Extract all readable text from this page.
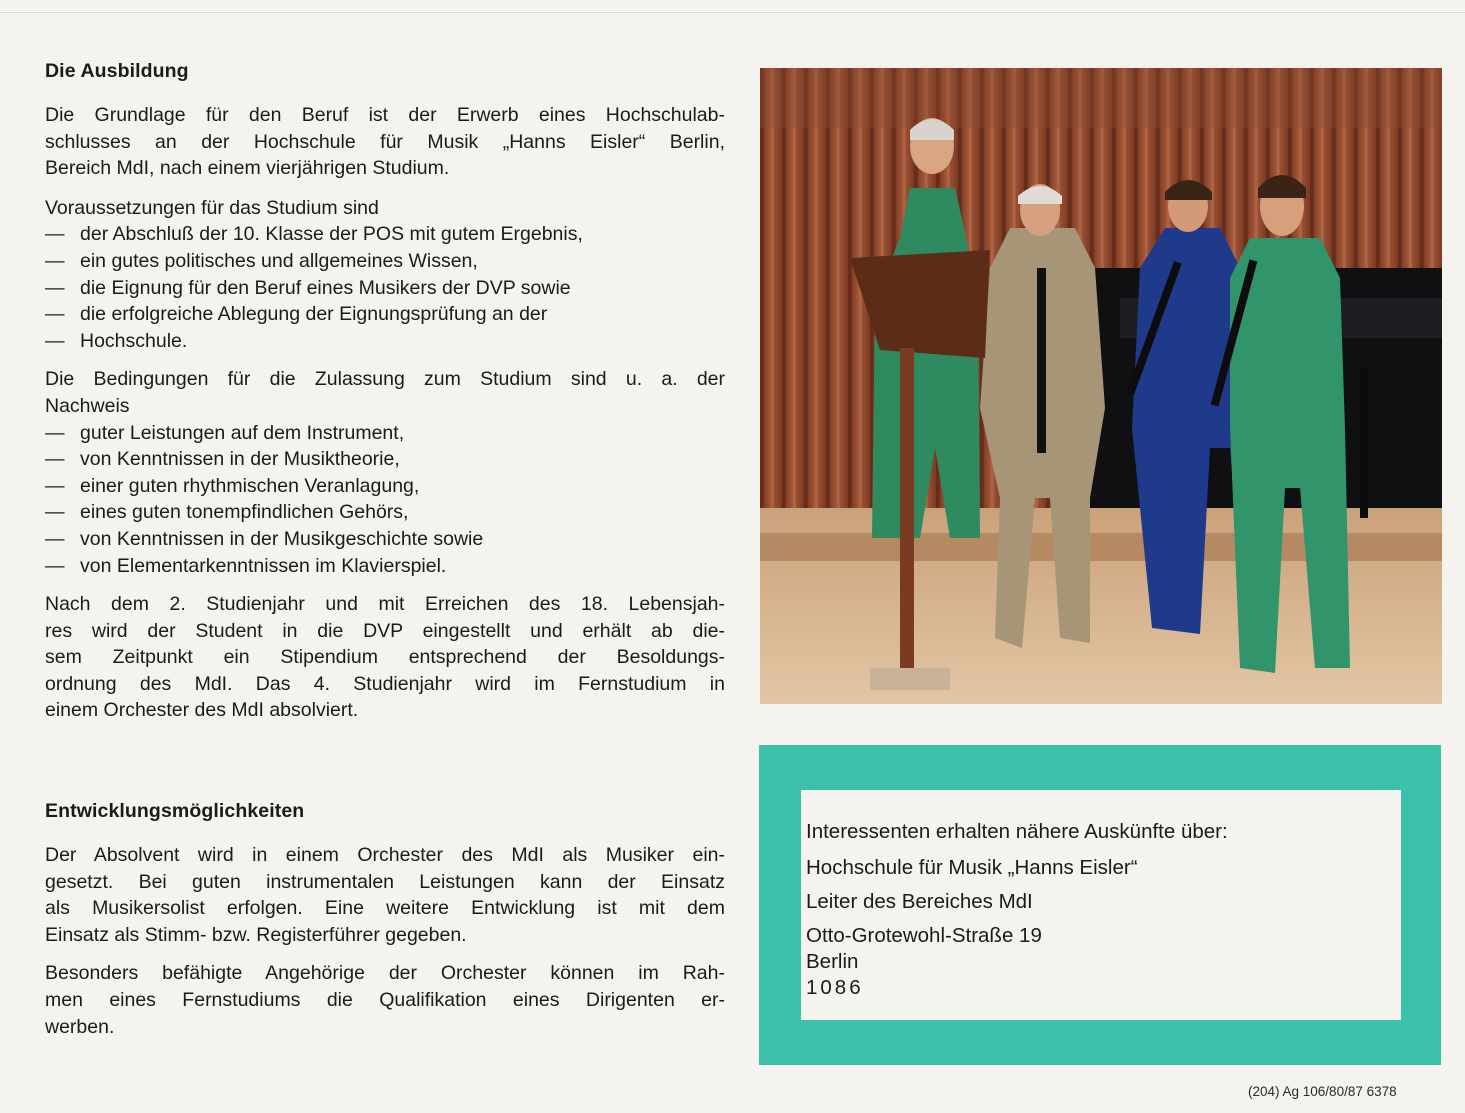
Die Ausbildung

Die Grundlage für den Beruf ist der Erwerb eines Hochschulab-

schlusses an der Hochschule für Musik „Hanns Eisler“ Berlin,

Bereich MdI, nach einem vierjährigen Studium.

Voraussetzungen für das Studium sind

— der Abschluß der 10. Klasse der POS mit gutem Ergebnis,
— ein gutes politisches und allgemeines Wissen,
— die Eignung für den Beruf eines Musikers der DVP sowie
— die erfolgreiche Ablegung der Eignungsprüfung an der
— Hochschule.

Die Bedingungen für die Zulassung zum Studium sind u. a. der

Nachweis

— guter Leistungen auf dem Instrument,
— von Kenntnissen in der Musiktheorie,
— einer guten rhythmischen Veranlagung,
— eines guten tonempfindlichen Gehörs,
— von Kenntnissen in der Musikgeschichte sowie
— von Elementarkenntnissen im Klavierspiel.

Nach dem 2. Studienjahr und mit Erreichen des 18. Lebensjah-

res wird der Student in die DVP eingestellt und erhält ab die-

sem Zeitpunkt ein Stipendium entsprechend der Besoldungs-

ordnung des MdI. Das 4. Studienjahr wird im Fernstudium in

einem Orchester des MdI absolviert.

Entwicklungsmöglichkeiten

Der Absolvent wird in einem Orchester des MdI als Musiker ein-

gesetzt. Bei guten instrumentalen Leistungen kann der Einsatz

als Musikersolist erfolgen. Eine weitere Entwicklung ist mit dem

Einsatz als Stimm- bzw. Registerführer gegeben.

Besonders befähigte Angehörige der Orchester können im Rah-

men eines Fernstudiums die Qualifikation eines Dirigenten er-

werben.

Interessenten erhalten nähere Auskünfte über:
Hochschule für Musik „Hanns Eisler“
Leiter des Bereiches MdI
Otto-Grotewohl-Straße 19
Berlin
1086
(204) Ag 106/80/87 6378
